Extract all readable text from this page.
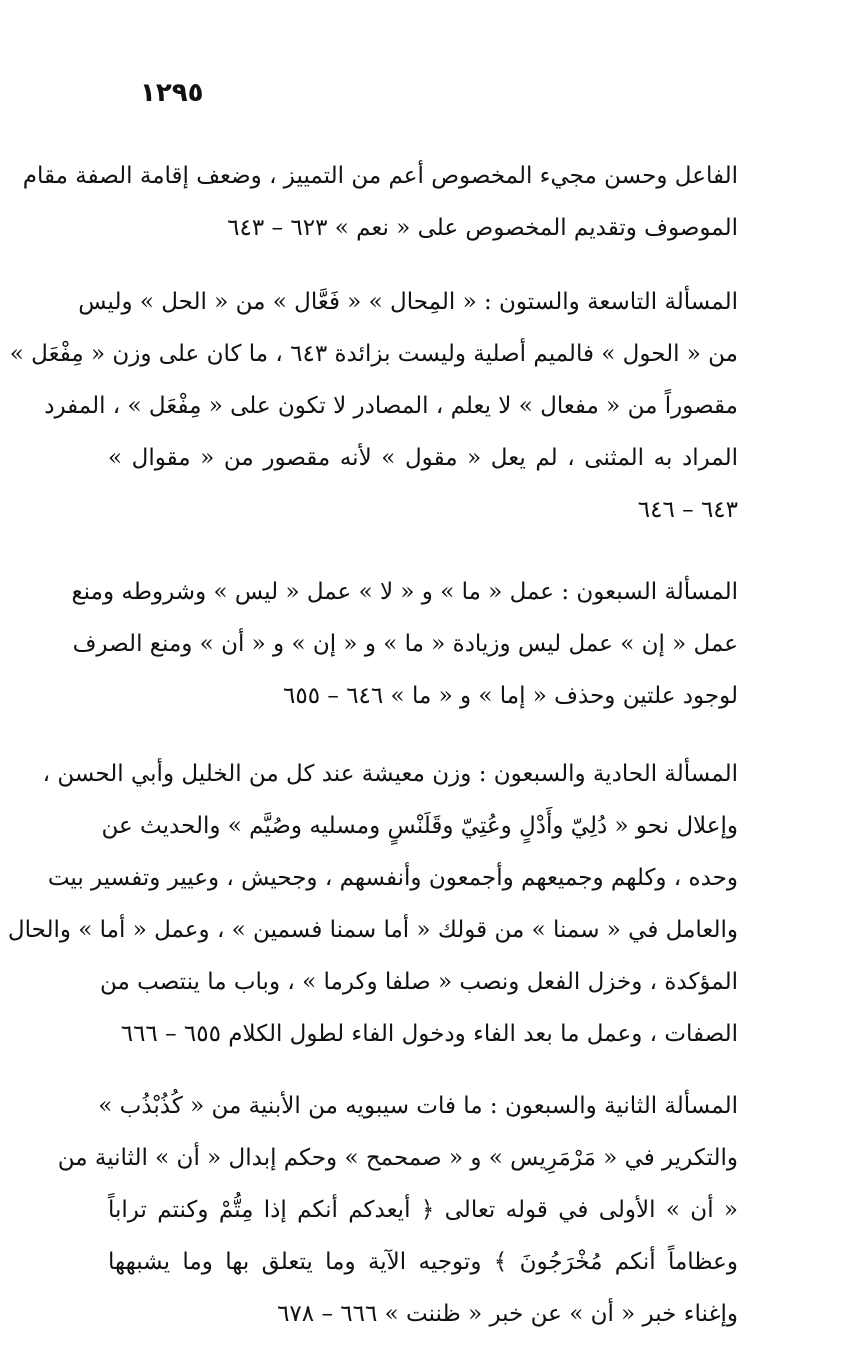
١٢٩٥
الفاعل وحسن مجيء المخصوص أعم من التمييز ، وضعف إقامة الصفة مقام
الموصوف وتقديم المخصوص على « نعم » ٦٢٣ – ٦٤٣
المسألة التاسعة والستون : « المِحال » « فَعَّال » من « الحل » وليس
من « الحول » فالميم أصلية وليست بزائدة ٦٤٣ ، ما كان على وزن « مِفْعَل »
مقصوراً من « مفعال » لا يعلم ، المصادر لا تكون على « مِفْعَل » ، المفرد
المراد به المثنى ، لم يعل « مقول » لأنه مقصور من « مقوال »
٦٤٣ – ٦٤٦
المسألة السبعون : عمل « ما » و « لا » عمل « ليس » وشروطه ومنع
عمل « إن » عمل ليس وزيادة « ما » و « إن » و « أن » ومنع الصرف
لوجود علتين وحذف « إما » و « ما » ٦٤٦ – ٦٥٥
المسألة الحادية والسبعون : وزن معيشة عند كل من الخليل وأبي الحسن ،
وإعلال نحو « دُلِيّ وأَدْلٍ وعُتِيّ وقَلَنْسٍ ومسليه وصُيَّم » والحديث عن
وحده ، وكلهم وجميعهم وأجمعون وأنفسهم ، وجحيش ، وعيير وتفسير بيت
والعامل في « سمنا » من قولك « أما سمنا فسمين » ، وعمل « أما » والحال
المؤكدة ، وخزل الفعل ونصب « صلفا وكرما » ، وباب ما ينتصب من
الصفات ، وعمل ما بعد الفاء ودخول الفاء لطول الكلام ٦٥٥ – ٦٦٦
المسألة الثانية والسبعون : ما فات سيبويه من الأبنية من « كُذُبْذُب »
والتكرير في « مَرْمَرِيس » و « صمحمح » وحكم إبدال « أن » الثانية من
« أن » الأولى في قوله تعالى ﴿ أيعدكم أنكم إذا مِتُّمْ وكنتم تراباً
وعظاماً أنكم مُخْرَجُونَ ﴾ وتوجيه الآية وما يتعلق بها وما يشبهها
وإغناء خبر « أن » عن خبر « ظننت » ٦٦٦ – ٦٧٨
